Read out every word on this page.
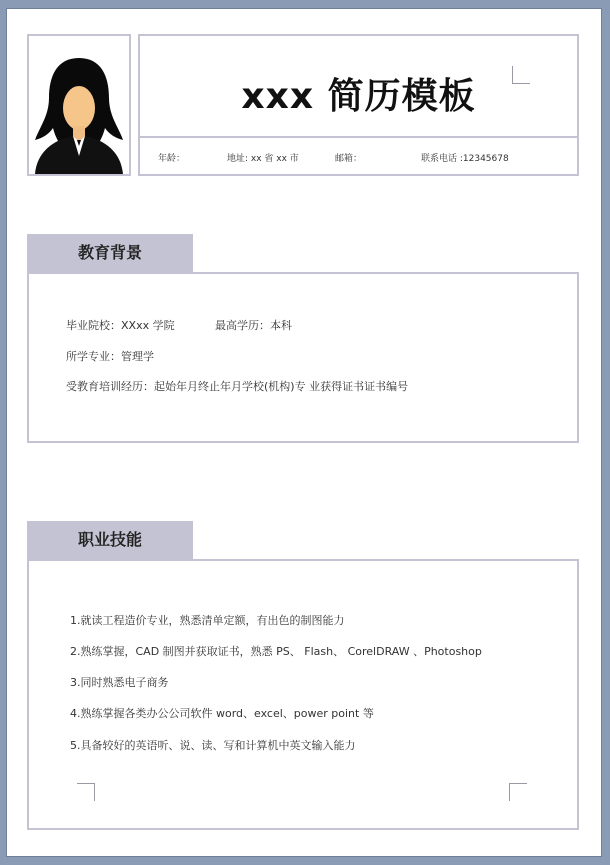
xxx 简历模板
年龄：	地址: xx 省 xx 市	邮箱：	联系电话 :12345678
教育背景
毕业院校：XXxx 学院	最高学历：本科
所学专业：管理学
受教育培训经历：起始年月终止年月学校(机构)专 业获得证书证书编号
职业技能
1.就读工程造价专业，熟悉清单定额，有出色的制图能力
2.熟练掌握，CAD 制图并获取证书，熟悉 PS、 Flash、 CorelDRAW 、Photoshop
3.同时熟悉电子商务
4.熟练掌握各类办公公司软件 word、excel、power point 等
5.具备较好的英语听、说、读、写和计算机中英文输入能力
